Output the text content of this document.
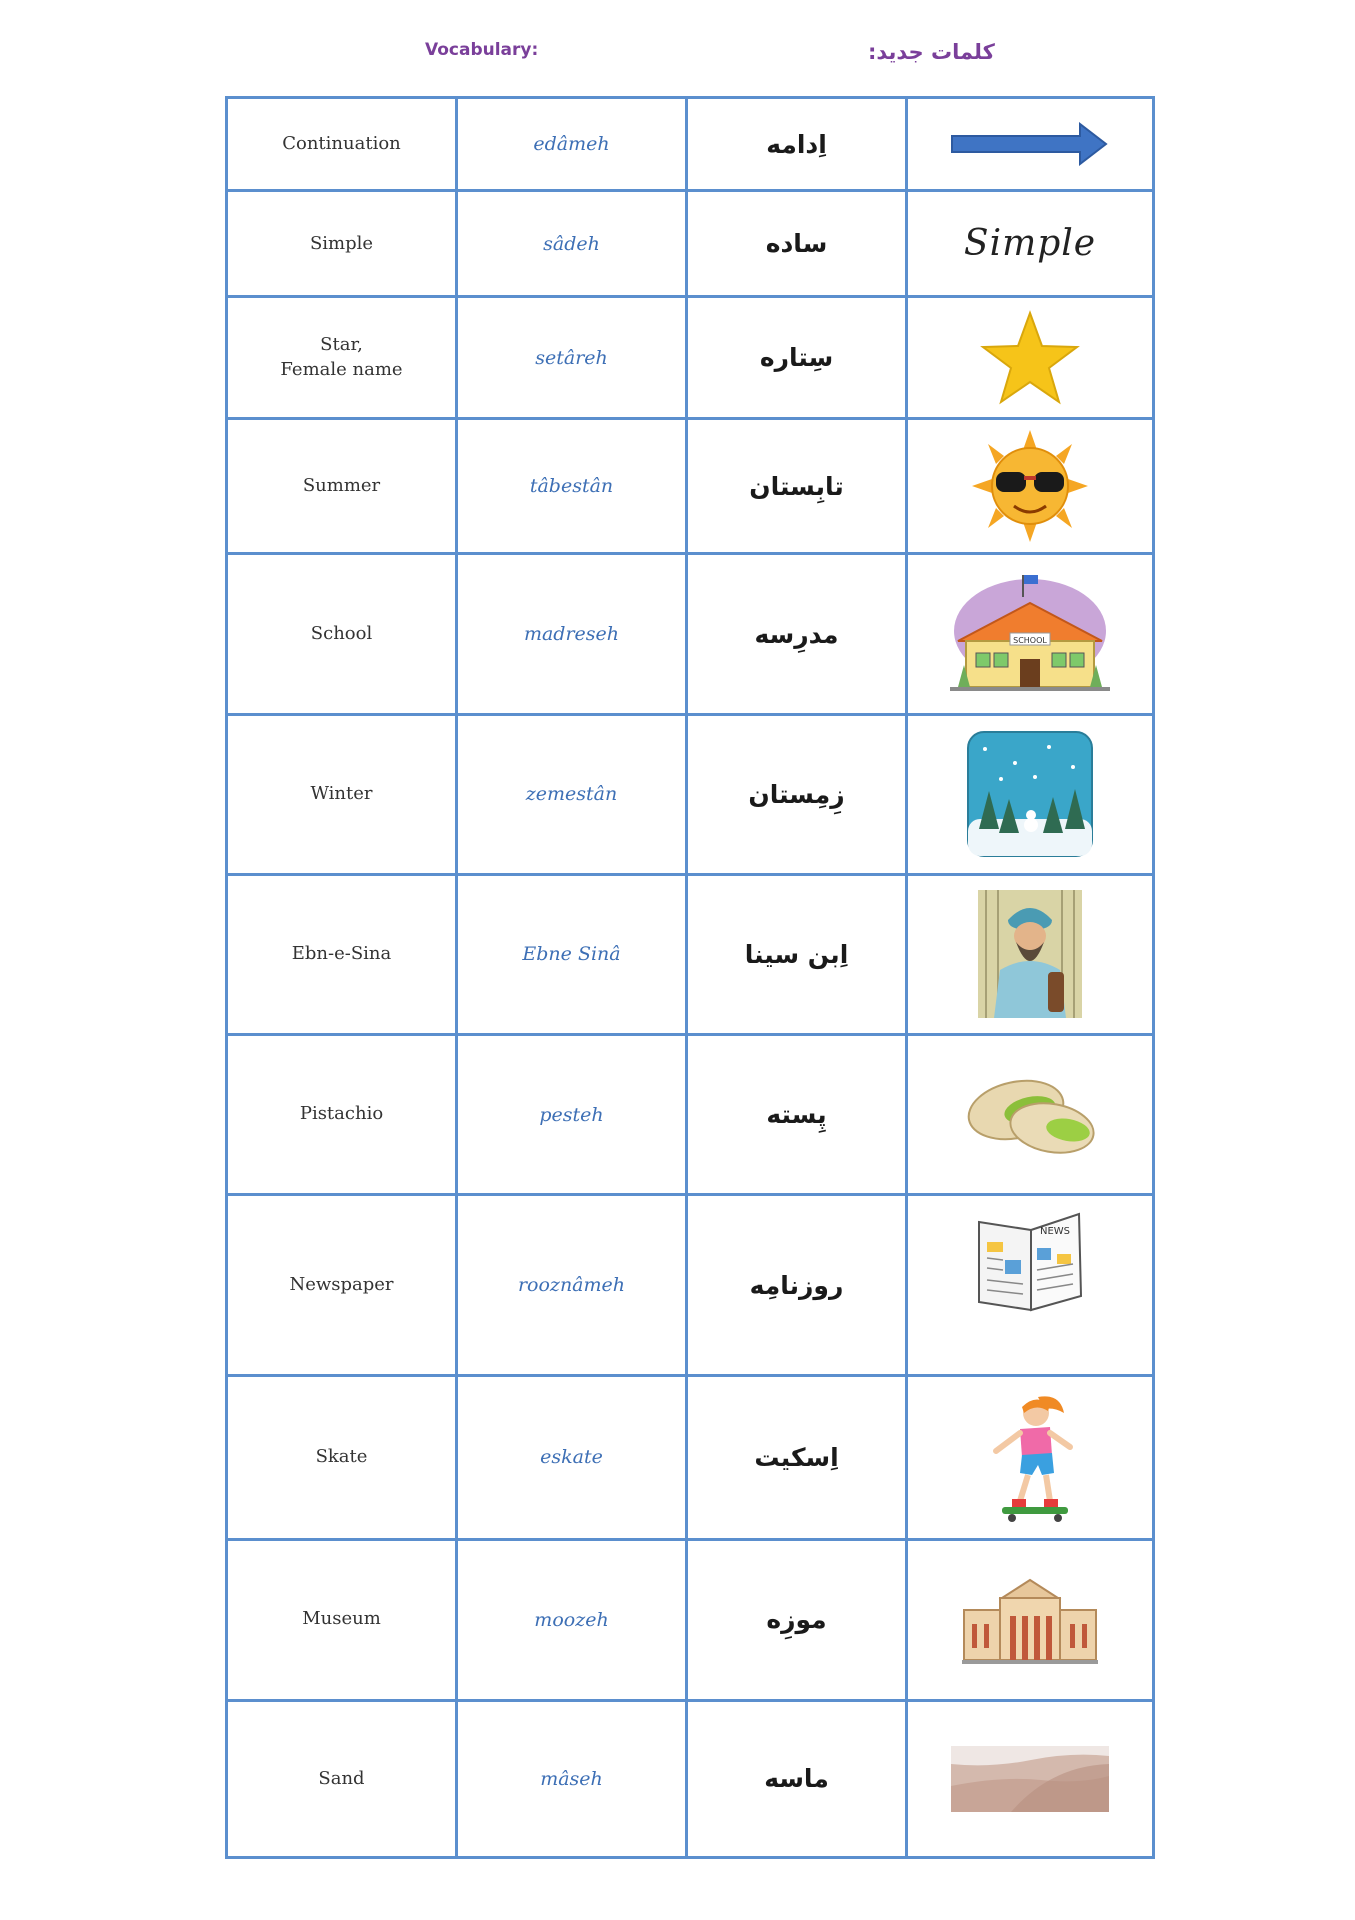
Vocabulary:	کلمات جدید:
Continuation	edâmeh	اِدامه	

Simple	sâdeh	ساده	Simple
Star,
Female name	setâreh	سِتاره	

Summer	tâbestân	تابِستان	

School	madreseh	مدرِسه	SCHOOL

Winter	zemestân	زِمِستان	

Ebn-e-Sina	Ebne Sinâ	اِبن سینا	

Pistachio	pesteh	پِسته	

Newspaper	rooznâmeh	روزنامِه	NEWS

Skate	eskate	اِسکیت	

Museum	moozeh	موزِه	

Sand	mâseh	ماسه	
